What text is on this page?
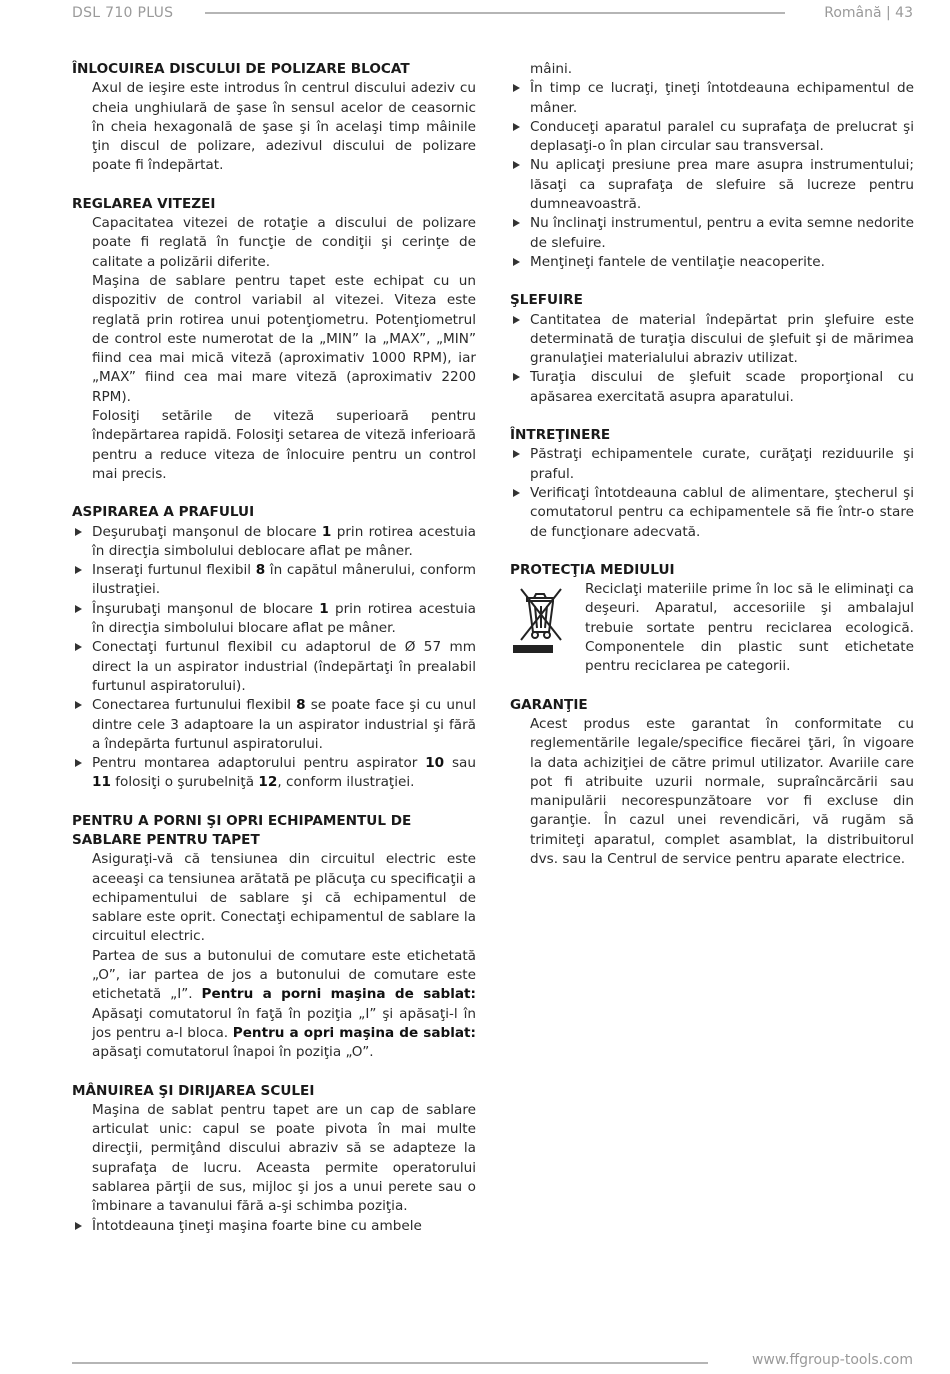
DSL 710 PLUS	Română | 43
ÎNLOCUIREA DISCULUI DE POLIZARE BLOCAT

Axul de ieşire este introdus în centrul discului adeziv cu cheia unghiulară de şase în sensul acelor de ceasornic în cheia hexagonală de şase şi în acelaşi timp mâinile ţin discul de polizare, adezivul discului de polizare poate fi îndepărtat.

REGLAREA VITEZEI

Capacitatea vitezei de rotaţie a discului de polizare poate fi reglată în funcţie de condiţii şi cerinţe de calitate a polizării diferite.

Maşina de sablare pentru tapet este echipat cu un dispozitiv de control variabil al vitezei. Viteza este reglată prin rotirea unui potenţiometru. Potenţiometrul de control este numerotat de la „MIN” la „MAX”, „MIN” fiind cea mai mică viteză (aproximativ 1000 RPM), iar „MAX” fiind cea mai mare viteză (aproximativ 2200 RPM).

Folosiţi setările de viteză superioară pentru îndepărtarea rapidă. Folosiţi setarea de viteză inferioară pentru a reduce viteza de înlocuire pentru un control mai precis.

ASPIRAREA A PRAFULUI
Deşurubaţi manşonul de blocare 1 prin rotirea acestuia în direcţia simbolului deblocare aflat pe mâner.
Inseraţi furtunul flexibil 8 în capătul mânerului, conform ilustraţiei.
Înşurubaţi manşonul de blocare 1 prin rotirea acestuia în direcţia simbolului blocare aflat pe mâner.
Conectaţi furtunul flexibil cu adaptorul de Ø 57 mm direct la un aspirator industrial (îndepărtaţi în prealabil furtunul aspiratorului).
Conectarea furtunului flexibil 8 se poate face şi cu unul dintre cele 3 adaptoare la un aspirator industrial şi fără a îndepărta furtunul aspiratorului.
Pentru montarea adaptorului pentru aspirator 10 sau 11 folosiţi o şurubelniţă 12, conform ilustraţiei.
PENTRU A PORNI ŞI OPRI ECHIPAMENTUL DE SABLARE PENTRU TAPET

Asiguraţi-vă că tensiunea din circuitul electric este aceeaşi ca tensiunea arătată pe plăcuţa cu specificaţii a echipamentului de sablare şi că echipamentul de sablare este oprit. Conectaţi echipamentul de sablare la circuitul electric.

Partea de sus a butonului de comutare este etichetată „O”, iar partea de jos a butonului de comutare este etichetată „I”. Pentru a porni maşina de sablat: Apăsaţi comutatorul în faţă în poziţia „I” şi apăsaţi-l în jos pentru a-l bloca. Pentru a opri maşina de sablat: apăsaţi comutatorul înapoi în poziţia „O”.

MÂNUIREA ŞI DIRIJAREA SCULEI

Maşina de sablat pentru tapet are un cap de sablare articulat unic: capul se poate pivota în mai multe direcţii, permiţând discului abraziv să se adapteze la suprafaţa de lucru. Aceasta permite operatorului sablarea părţii de sus, mijloc şi jos a unui perete sau o îmbinare a tavanului fără a-şi schimba poziţia.

Întotdeauna ţineţi maşina foarte bine cu ambele
mâini.
În timp ce lucraţi, ţineţi întotdeauna echipamentul de mâner.
Conduceţi aparatul paralel cu suprafaţa de prelucrat şi deplasaţi-o în plan circular sau transversal.
Nu aplicaţi presiune prea mare asupra instrumentului; lăsaţi ca suprafaţa de slefuire să lucreze pentru dumneavoastră.
Nu înclinaţi instrumentul, pentru a evita semne nedorite de slefuire.
Menţineţi fantele de ventilaţie neacoperite.
ŞLEFUIRE
Cantitatea de material îndepărtat prin şlefuire este determinată de turaţia discului de şlefuit şi de mărimea granulaţiei materialului abraziv utilizat.
Turaţia discului de şlefuit scade proporţional cu apăsarea exercitată asupra aparatului.
ÎNTREŢINERE
Păstraţi echipamentele curate, curăţaţi reziduurile şi praful.
Verificaţi întotdeauna cablul de alimentare, ştecherul şi comutatorul pentru ca echipamentele să fie într-o stare de funcţionare adecvată.
PROTECŢIA MEDIULUI

Reciclaţi materiile prime în loc să le eliminaţi ca deşeuri. Aparatul, accesoriile şi ambalajul trebuie sortate pentru reciclarea ecologică. Componentele din plastic sunt etichetate pentru reciclarea pe categorii.

GARANŢIE

Acest produs este garantat în conformitate cu reglementările legale/specifice fiecărei ţări, în vigoare la data achiziţiei de către primul utilizator. Avariile care pot fi atribuite uzurii normale, supraîncărcării sau manipulării necorespunzătoare vor fi excluse din garanţie. În cazul unei revendicări, vă rugăm să trimiteţi aparatul, complet asamblat, la distribuitorul dvs. sau la Centrul de service pentru aparate electrice.

www.ffgroup-tools.com
